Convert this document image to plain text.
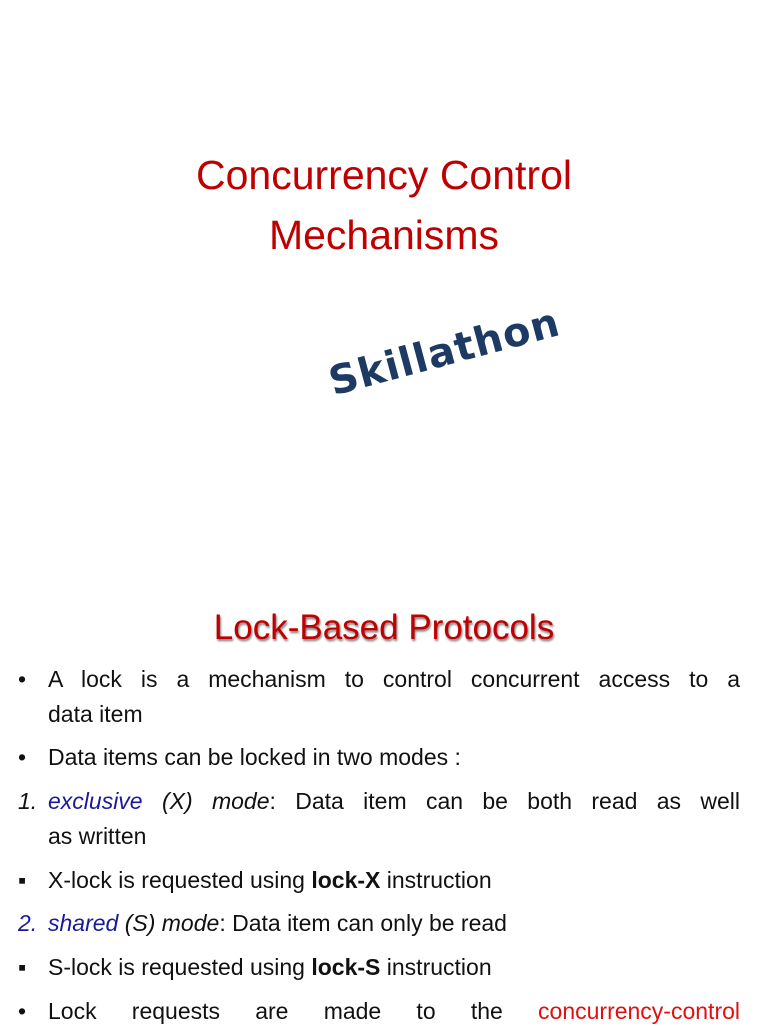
Concurrency Control
Mechanisms
Skillathon
Lock-Based Protocols
• A lock is a mechanism to control concurrent access to a
data item
• Data items can be locked in two modes :
1. exclusive (X) mode: Data item can be both read as well
as written
▪ X-lock is requested using lock-X instruction
2. shared (S) mode: Data item can only be read
▪ S-lock is requested using lock-S instruction
• Lock requests are made to the concurrency-control
